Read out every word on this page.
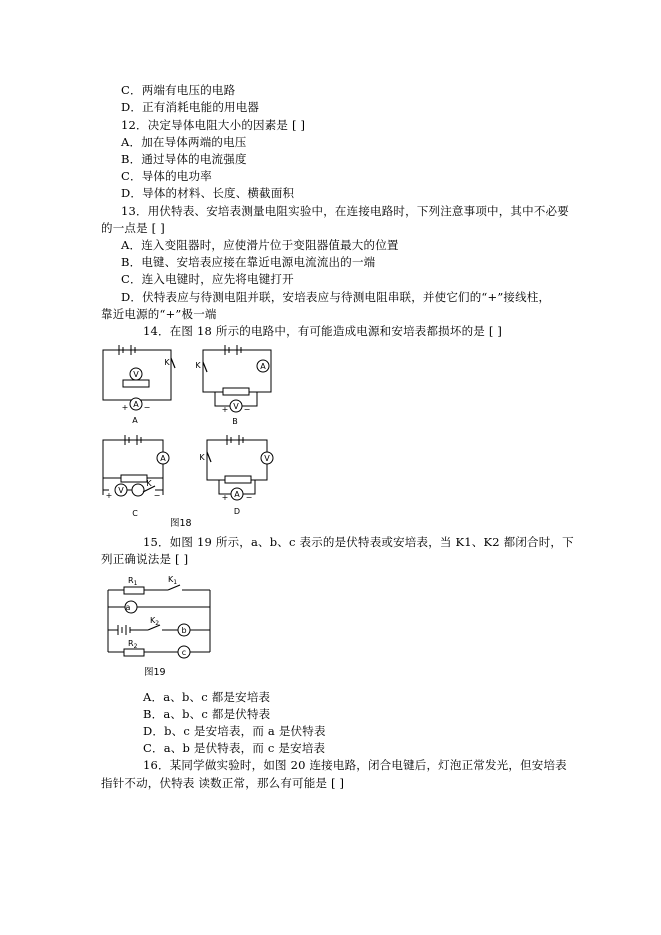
C．两端有电压的电路
D．正有消耗电能的用电器
12．决定导体电阻大小的因素是 [ ]
A．加在导体两端的电压
B．通过导体的电流强度
C．导体的电功率
D．导体的材料、长度、横截面积
13．用伏特表、安培表测量电阻实验中，在连接电路时，下列注意事项中，其中不必要
的一点是 [ ]
A．连入变阻器时，应使滑片位于变阻器值最大的位置
B．电键、安培表应接在靠近电源电流流出的一端
C．连入电键时，应先将电键打开
D．伏特表应与待测电阻并联，安培表应与待测电阻串联，并使它们的“+”接线柱，
靠近电源的“+”极一端
14．在图 18 所示的电路中，有可能造成电源和安培表都损坏的是 [ ]
K
V
A
+ −
A
K	A
V
+ −
B
A
V
K
+	−
C
K	V
A
+ −
D
图18
15．如图 19 所示，a、b、c 表示的是伏特表或安培表，当 K1、K2 都闭合时，下
列正确说法是 [ ]
$R_1$	$K_1$
a
$K_2$
b
$R_2$
c
图19
A．a、b、c 都是安培表
B．a、b、c 都是伏特表
D．b、c 是安培表，而 a 是伏特表
C．a、b 是伏特表，而 c 是安培表
16．某同学做实验时，如图 20 连接电路，闭合电键后，灯泡正常发光，但安培表
指针不动，伏特表 读数正常，那么有可能是 [ ]
